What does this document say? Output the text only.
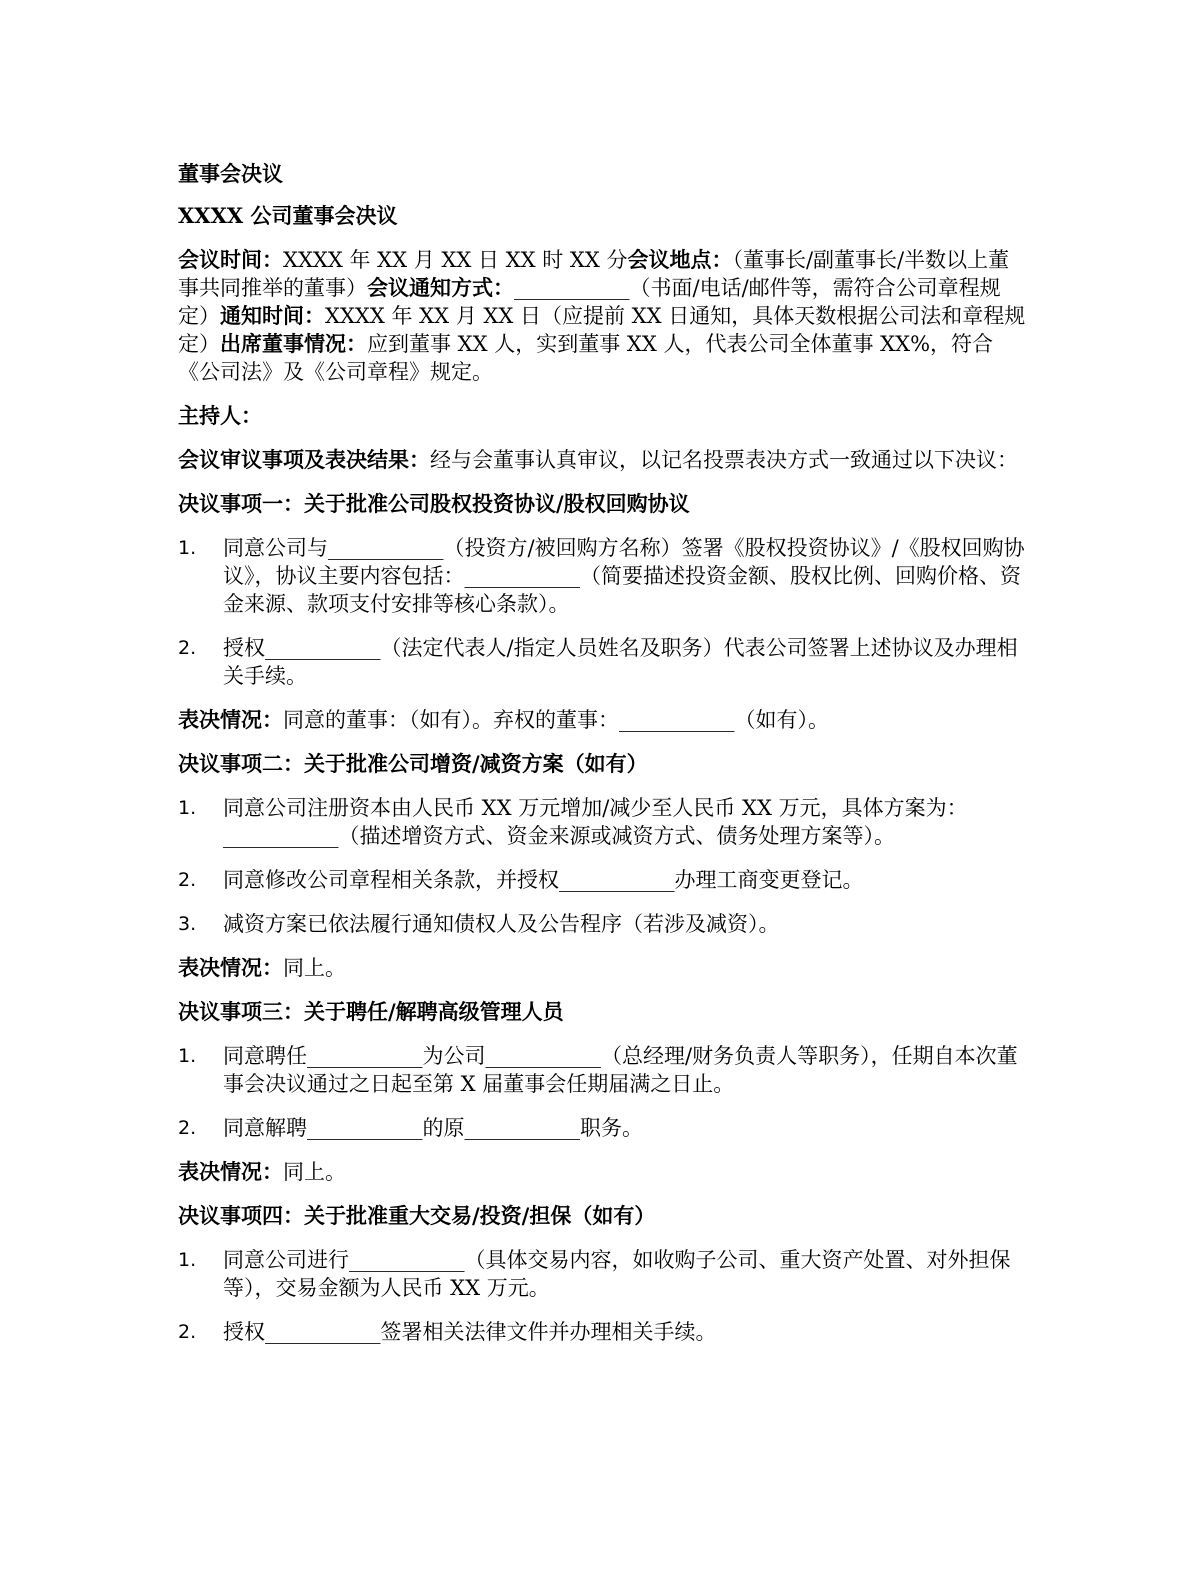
董事会决议

XXXX 公司董事会决议

会议时间：XXXX 年 XX 月 XX 日 XX 时 XX 分会议地点：（董事长/副董事长/半数以上董事共同推举的董事）会议通知方式：___________（书面/电话/邮件等，需符合公司章程规定）通知时间：XXXX 年 XX 月 XX 日（应提前 XX 日通知，具体天数根据公司法和章程规定）出席董事情况：应到董事 XX 人，实到董事 XX 人，代表公司全体董事 XX%，符合《公司法》及《公司章程》规定。

主持人：

会议审议事项及表决结果：经与会董事认真审议，以记名投票表决方式一致通过以下决议：

决议事项一：关于批准公司股权投资协议/股权回购协议

1. 同意公司与___________（投资方/被回购方名称）签署《股权投资协议》/《股权回购协议》，协议主要内容包括：___________（简要描述投资金额、股权比例、回购价格、资金来源、款项支付安排等核心条款）。
2. 授权___________（法定代表人/指定人员姓名及职务）代表公司签署上述协议及办理相关手续。

表决情况：同意的董事：（如有）。弃权的董事：___________（如有）。

决议事项二：关于批准公司增资/减资方案（如有）

1. 同意公司注册资本由人民币 XX 万元增加/减少至人民币 XX 万元，具体方案为：___________（描述增资方式、资金来源或减资方式、债务处理方案等）。
2. 同意修改公司章程相关条款，并授权___________办理工商变更登记。
3. 减资方案已依法履行通知债权人及公告程序（若涉及减资）。

表决情况：同上。

决议事项三：关于聘任/解聘高级管理人员

1. 同意聘任___________为公司___________（总经理/财务负责人等职务），任期自本次董事会决议通过之日起至第 X 届董事会任期届满之日止。
2. 同意解聘___________的原___________职务。

表决情况：同上。

决议事项四：关于批准重大交易/投资/担保（如有）

1. 同意公司进行___________（具体交易内容，如收购子公司、重大资产处置、对外担保等），交易金额为人民币 XX 万元。
2. 授权___________签署相关法律文件并办理相关手续。
